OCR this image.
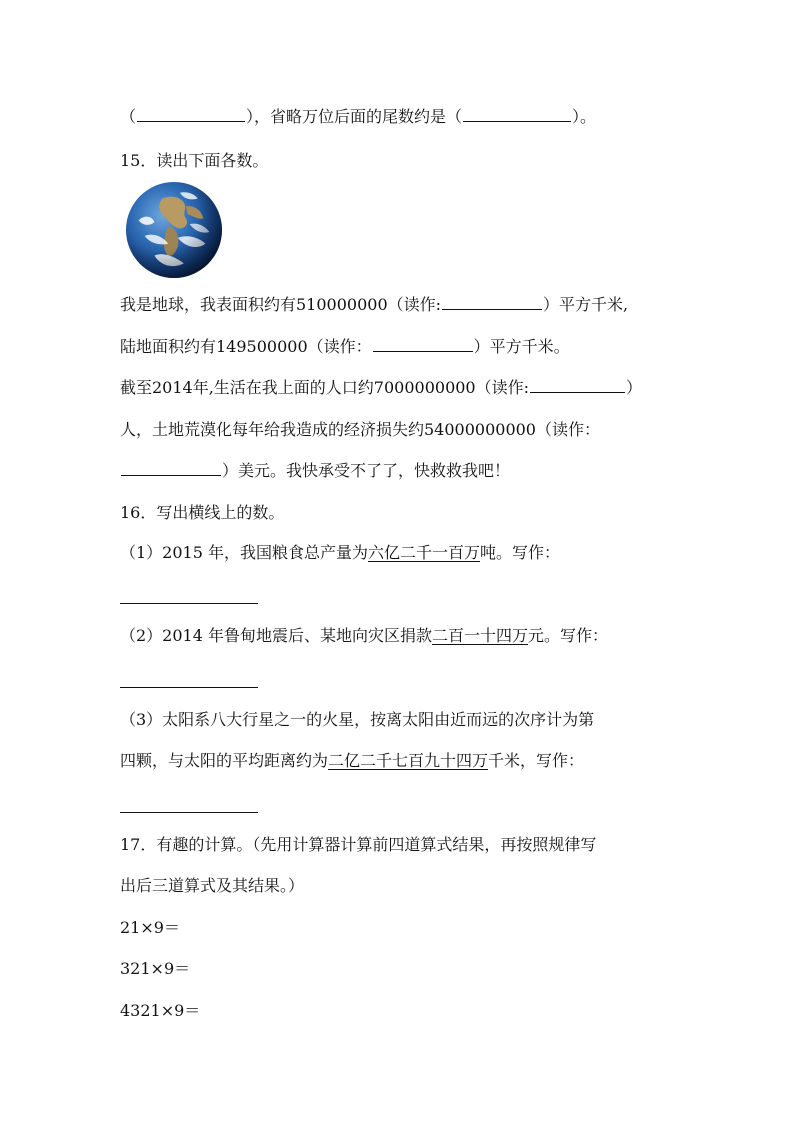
（	），省略万位后面的尾数约是（	）。
15．读出下面各数。
我是地球，我表面积约有510000000（读作:	）平方千米,
陆地面积约有149500000（读作：	）平方千米。
截至2014年,生活在我上面的人口约7000000000（读作:	）
人，土地荒漠化每年给我造成的经济损失约54000000000（读作：
）美元。我快承受不了了，快救救我吧！
16．写出横线上的数。
（1）2015 年，我国粮食总产量为六亿二千一百万吨。写作：
（2）2014 年鲁甸地震后、某地向灾区捐款二百一十四万元。写作：
（3）太阳系八大行星之一的火星，按离太阳由近而远的次序计为第
四颗，与太阳的平均距离约为二亿二千七百九十四万千米，写作：
17．有趣的计算。（先用计算器计算前四道算式结果，再按照规律写
出后三道算式及其结果。）
21×9＝
321×9＝
4321×9＝
